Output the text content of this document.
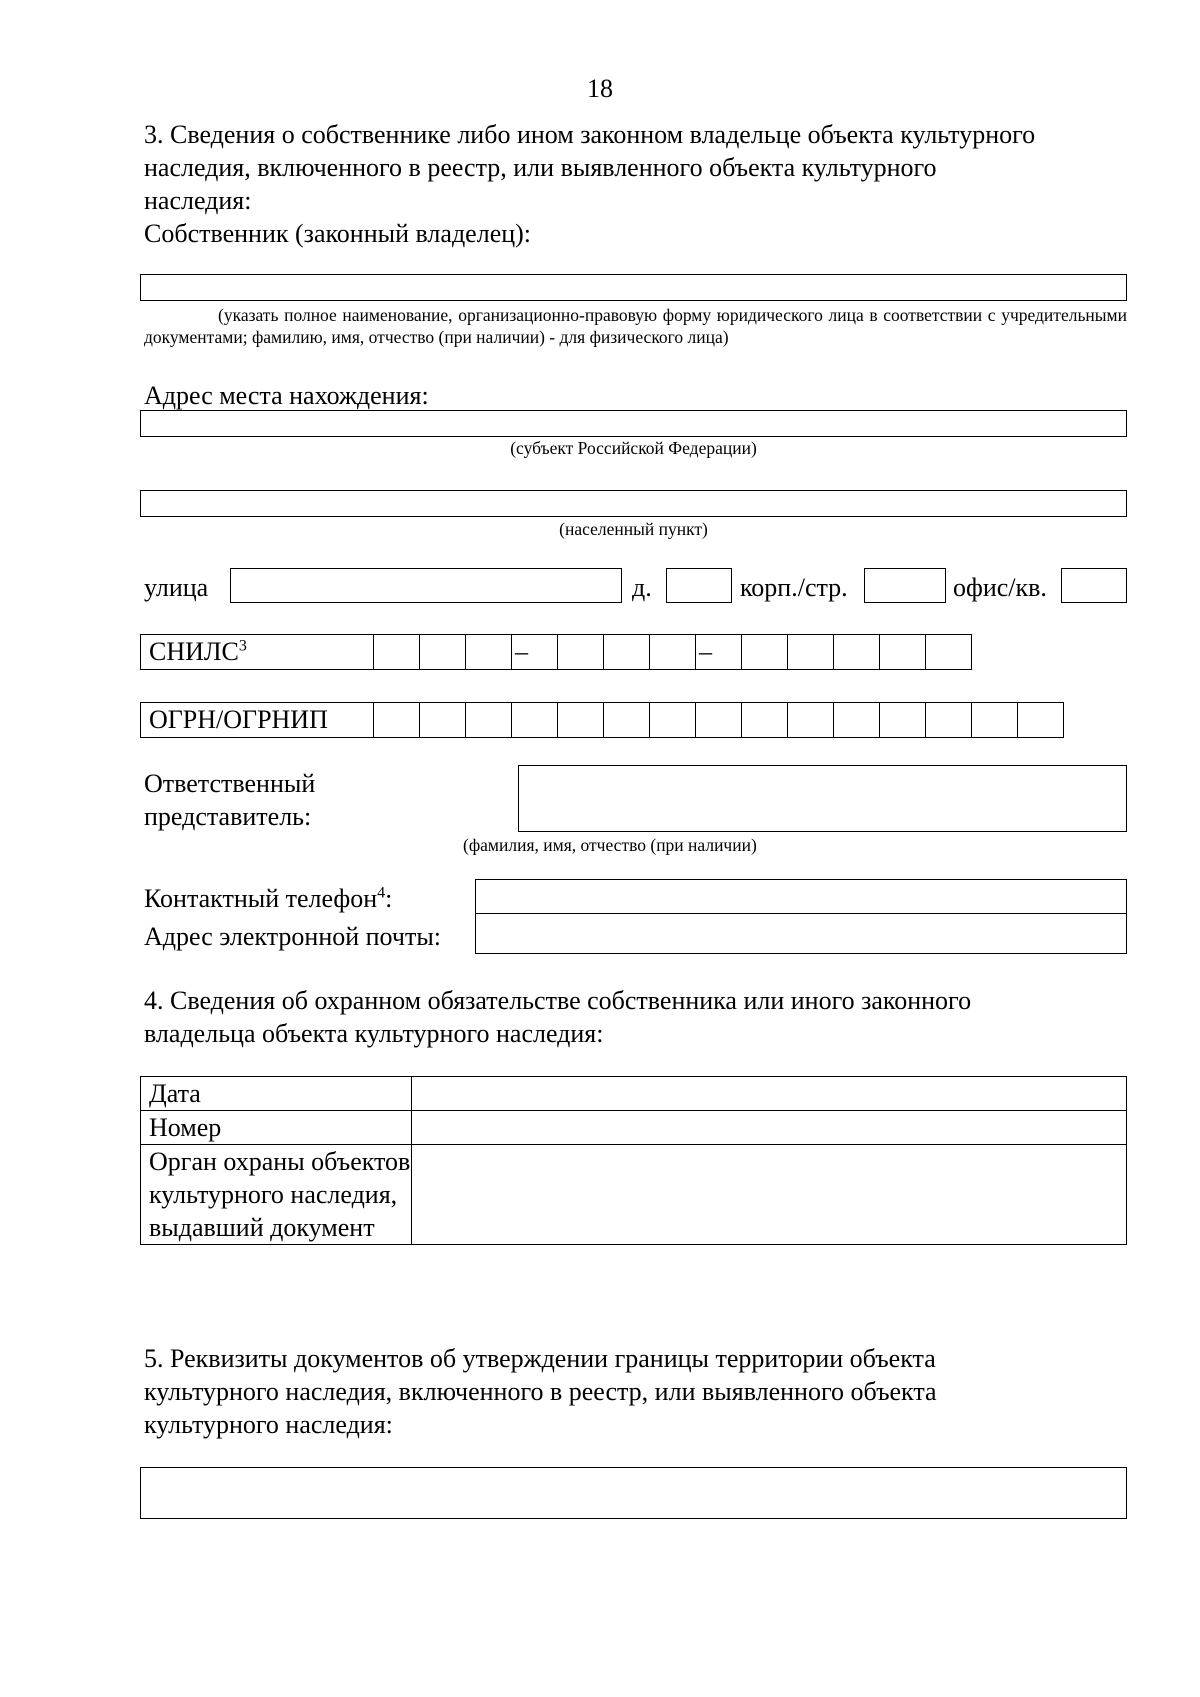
18
3. Сведения о собственнике либо ином законном владельце объекта культурного наследия, включенного в реестр, или выявленного объекта культурного наследия:
Собственник (законный владелец):
(указать полное наименование, организационно-правовую форму юридического лица в соответствии с учредительными документами; фамилию, имя, отчество (при наличии) - для физического лица)
Адрес места нахождения:
(субъект Российской Федерации)
(населенный пункт)
улица	д.	корп./стр.	офис/кв.
СНИЛС$^3$	–	–
ОГРН/ОГРНИП
Ответственный
представитель:
(фамилия, имя, отчество (при наличии)
Контактный телефон$^4$:
Адрес электронной почты:
4. Сведения об охранном обязательстве собственника или иного законного владельца объекта культурного наследия:
Дата	
Номер	
Орган охраны объектов культурного наследия, выдавший документ	
5. Реквизиты документов об утверждении границы территории объекта культурного наследия, включенного в реестр, или выявленного объекта культурного наследия:
